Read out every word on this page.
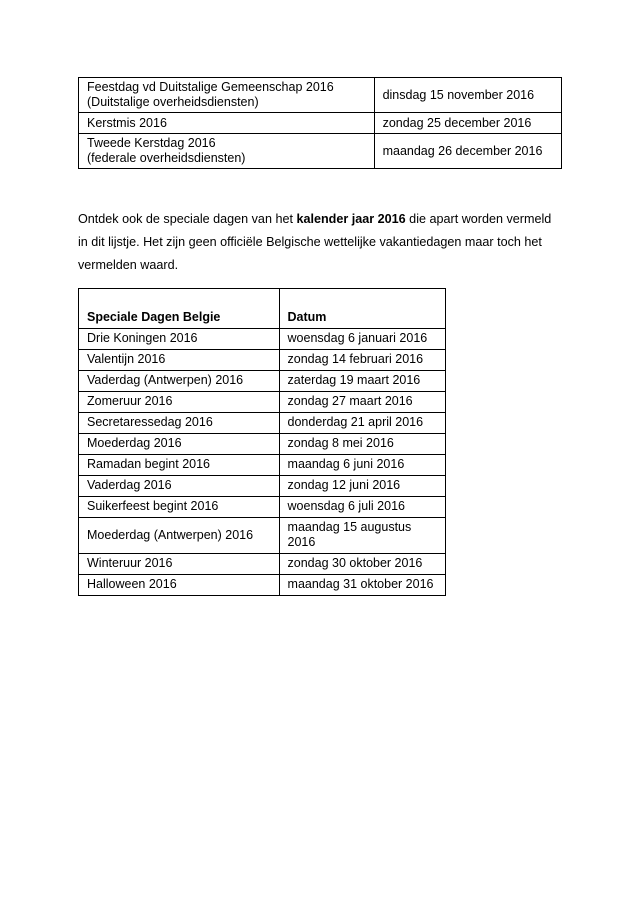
Feestdag vd Duitstalige Gemeenschap 2016
(Duitstalige overheidsdiensten)	dinsdag 15 november 2016

Kerstmis 2016	zondag 25 december 2016

Tweede Kerstdag 2016
(federale overheidsdiensten)	maandag 26 december 2016
Ontdek ook de speciale dagen van het kalender jaar 2016 die apart worden vermeld in dit lijstje. Het zijn geen officiële Belgische wettelijke vakantiedagen maar toch het vermelden waard.
Speciale Dagen Belgie	Datum
Drie Koningen 2016	woensdag 6 januari 2016
Valentijn 2016	zondag 14 februari 2016
Vaderdag (Antwerpen) 2016	zaterdag 19 maart 2016
Zomeruur 2016	zondag 27 maart 2016
Secretaressedag 2016	donderdag 21 april 2016
Moederdag 2016	zondag 8 mei 2016
Ramadan begint 2016	maandag 6 juni 2016
Vaderdag 2016	zondag 12 juni 2016
Suikerfeest begint 2016	woensdag 6 juli 2016
Moederdag (Antwerpen) 2016	maandag 15 augustus 2016
Winteruur 2016	zondag 30 oktober 2016
Halloween 2016	maandag 31 oktober 2016
